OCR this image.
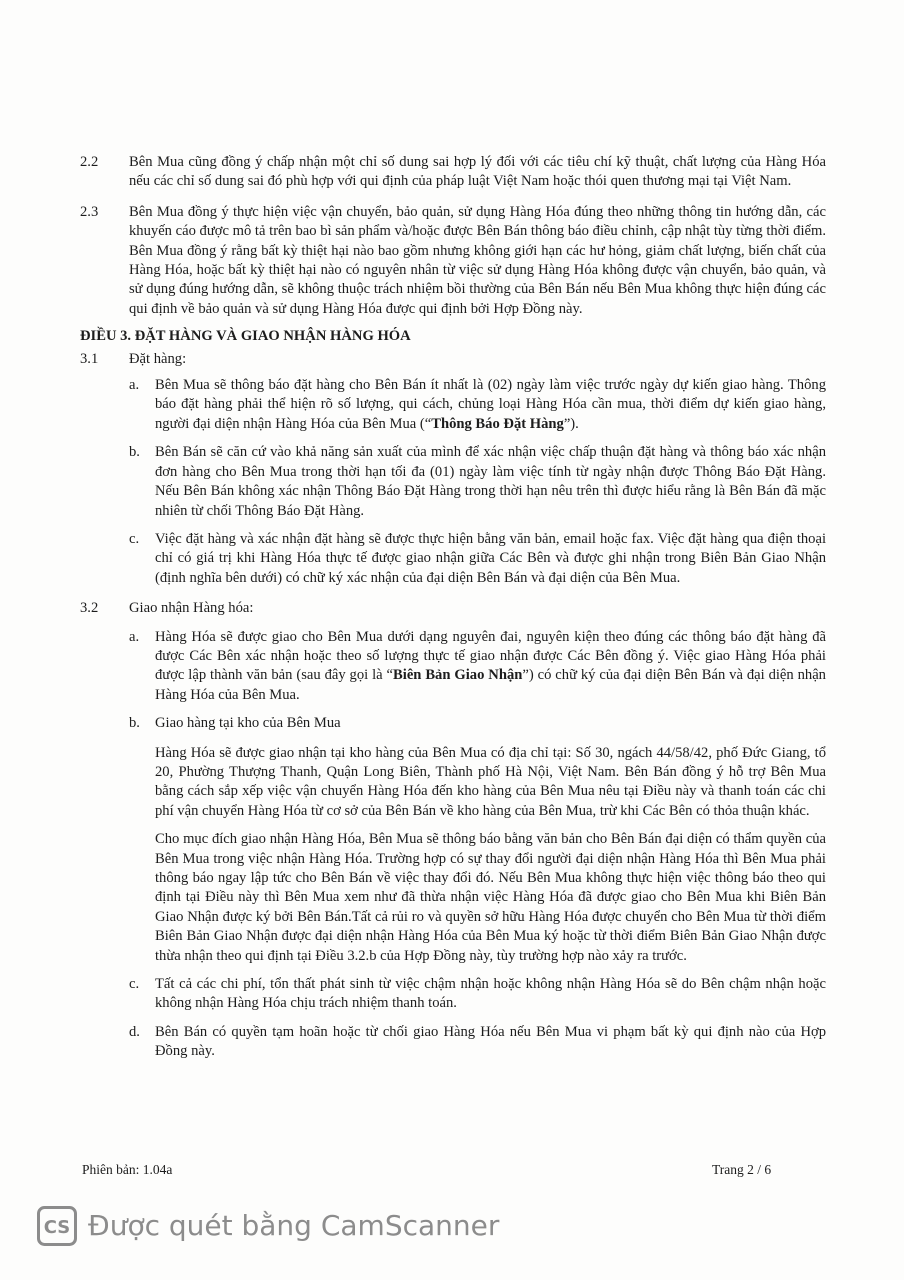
2.2 Bên Mua cũng đồng ý chấp nhận một chỉ số dung sai hợp lý đối với các tiêu chí kỹ thuật, chất lượng của Hàng Hóa nếu các chỉ số dung sai đó phù hợp với qui định của pháp luật Việt Nam hoặc thói quen thương mại tại Việt Nam.
2.3 Bên Mua đồng ý thực hiện việc vận chuyển, bảo quản, sử dụng Hàng Hóa đúng theo những thông tin hướng dẫn, các khuyến cáo được mô tả trên bao bì sản phẩm và/hoặc được Bên Bán thông báo điều chỉnh, cập nhật tùy từng thời điểm. Bên Mua đồng ý rằng bất kỳ thiệt hại nào bao gồm nhưng không giới hạn các hư hỏng, giảm chất lượng, biến chất của Hàng Hóa, hoặc bất kỳ thiệt hại nào có nguyên nhân từ việc sử dụng Hàng Hóa không được vận chuyển, bảo quản, và sử dụng đúng hướng dẫn, sẽ không thuộc trách nhiệm bồi thường của Bên Bán nếu Bên Mua không thực hiện đúng các qui định về bảo quản và sử dụng Hàng Hóa được qui định bởi Hợp Đồng này.
ĐIỀU 3. ĐẶT HÀNG VÀ GIAO NHẬN HÀNG HÓA
3.1 Đặt hàng:
a. Bên Mua sẽ thông báo đặt hàng cho Bên Bán ít nhất là (02) ngày làm việc trước ngày dự kiến giao hàng. Thông báo đặt hàng phải thể hiện rõ số lượng, qui cách, chủng loại Hàng Hóa cần mua, thời điểm dự kiến giao hàng, người đại diện nhận Hàng Hóa của Bên Mua (“Thông Báo Đặt Hàng”).
b. Bên Bán sẽ căn cứ vào khả năng sản xuất của mình để xác nhận việc chấp thuận đặt hàng và thông báo xác nhận đơn hàng cho Bên Mua trong thời hạn tối đa (01) ngày làm việc tính từ ngày nhận được Thông Báo Đặt Hàng. Nếu Bên Bán không xác nhận Thông Báo Đặt Hàng trong thời hạn nêu trên thì được hiểu rằng là Bên Bán đã mặc nhiên từ chối Thông Báo Đặt Hàng.
c. Việc đặt hàng và xác nhận đặt hàng sẽ được thực hiện bằng văn bản, email hoặc fax. Việc đặt hàng qua điện thoại chỉ có giá trị khi Hàng Hóa thực tế được giao nhận giữa Các Bên và được ghi nhận trong Biên Bản Giao Nhận (định nghĩa bên dưới) có chữ ký xác nhận của đại diện Bên Bán và đại diện của Bên Mua.
3.2 Giao nhận Hàng hóa:
a. Hàng Hóa sẽ được giao cho Bên Mua dưới dạng nguyên đai, nguyên kiện theo đúng các thông báo đặt hàng đã được Các Bên xác nhận hoặc theo số lượng thực tế giao nhận được Các Bên đồng ý. Việc giao Hàng Hóa phải được lập thành văn bản (sau đây gọi là “Biên Bản Giao Nhận”) có chữ ký của đại diện Bên Bán và đại diện nhận Hàng Hóa của Bên Mua.
b. Giao hàng tại kho của Bên Mua
Hàng Hóa sẽ được giao nhận tại kho hàng của Bên Mua có địa chỉ tại: Số 30, ngách 44/58/42, phố Đức Giang, tổ 20, Phường Thượng Thanh, Quận Long Biên, Thành phố Hà Nội, Việt Nam. Bên Bán đồng ý hỗ trợ Bên Mua bằng cách sắp xếp việc vận chuyển Hàng Hóa đến kho hàng của Bên Mua nêu tại Điều này và thanh toán các chi phí vận chuyển Hàng Hóa từ cơ sở của Bên Bán về kho hàng của Bên Mua, trừ khi Các Bên có thỏa thuận khác.
Cho mục đích giao nhận Hàng Hóa, Bên Mua sẽ thông báo bằng văn bản cho Bên Bán đại diện có thẩm quyền của Bên Mua trong việc nhận Hàng Hóa. Trường hợp có sự thay đổi người đại diện nhận Hàng Hóa thì Bên Mua phải thông báo ngay lập tức cho Bên Bán về việc thay đổi đó. Nếu Bên Mua không thực hiện việc thông báo theo qui định tại Điều này thì Bên Mua xem như đã thừa nhận việc Hàng Hóa đã được giao cho Bên Mua khi Biên Bản Giao Nhận được ký bởi Bên Bán.Tất cả rủi ro và quyền sở hữu Hàng Hóa được chuyển cho Bên Mua từ thời điểm Biên Bản Giao Nhận được đại diện nhận Hàng Hóa của Bên Mua ký hoặc từ thời điểm Biên Bản Giao Nhận được thừa nhận theo qui định tại Điều 3.2.b của Hợp Đồng này, tùy trường hợp nào xảy ra trước.
c. Tất cả các chi phí, tổn thất phát sinh từ việc chậm nhận hoặc không nhận Hàng Hóa sẽ do Bên chậm nhận hoặc không nhận Hàng Hóa chịu trách nhiệm thanh toán.
d. Bên Bán có quyền tạm hoãn hoặc từ chối giao Hàng Hóa nếu Bên Mua vi phạm bất kỳ qui định nào của Hợp Đồng này.
Phiên bản: 1.04a	Trang 2 / 6
CS Được quét bằng CamScanner
